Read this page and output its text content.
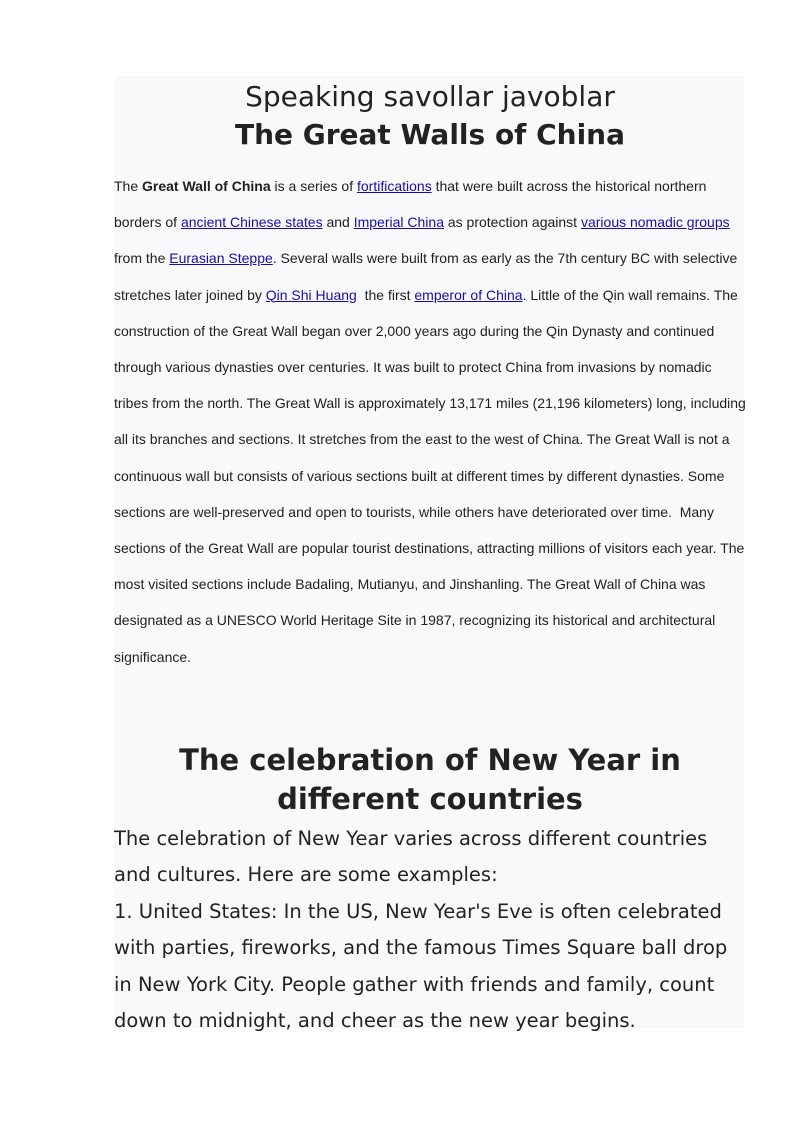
Speaking savollar javoblar
The Great Walls of China
The Great Wall of China is a series of fortifications that were built across the historical northern borders of ancient Chinese states and Imperial China as protection against various nomadic groups from the Eurasian Steppe. Several walls were built from as early as the 7th century BC with selective stretches later joined by Qin Shi Huang  the first emperor of China. Little of the Qin wall remains. The construction of the Great Wall began over 2,000 years ago during the Qin Dynasty and continued through various dynasties over centuries. It was built to protect China from invasions by nomadic tribes from the north. The Great Wall is approximately 13,171 miles (21,196 kilometers) long, including all its branches and sections. It stretches from the east to the west of China. The Great Wall is not a continuous wall but consists of various sections built at different times by different dynasties. Some sections are well-preserved and open to tourists, while others have deteriorated over time.  Many sections of the Great Wall are popular tourist destinations, attracting millions of visitors each year. The most visited sections include Badaling, Mutianyu, and Jinshanling. The Great Wall of China was designated as a UNESCO World Heritage Site in 1987, recognizing its historical and architectural significance.
The celebration of New Year in different countries
The celebration of New Year varies across different countries and cultures. Here are some examples:
1. United States: In the US, New Year's Eve is often celebrated with parties, fireworks, and the famous Times Square ball drop in New York City. People gather with friends and family, count down to midnight, and cheer as the new year begins.
